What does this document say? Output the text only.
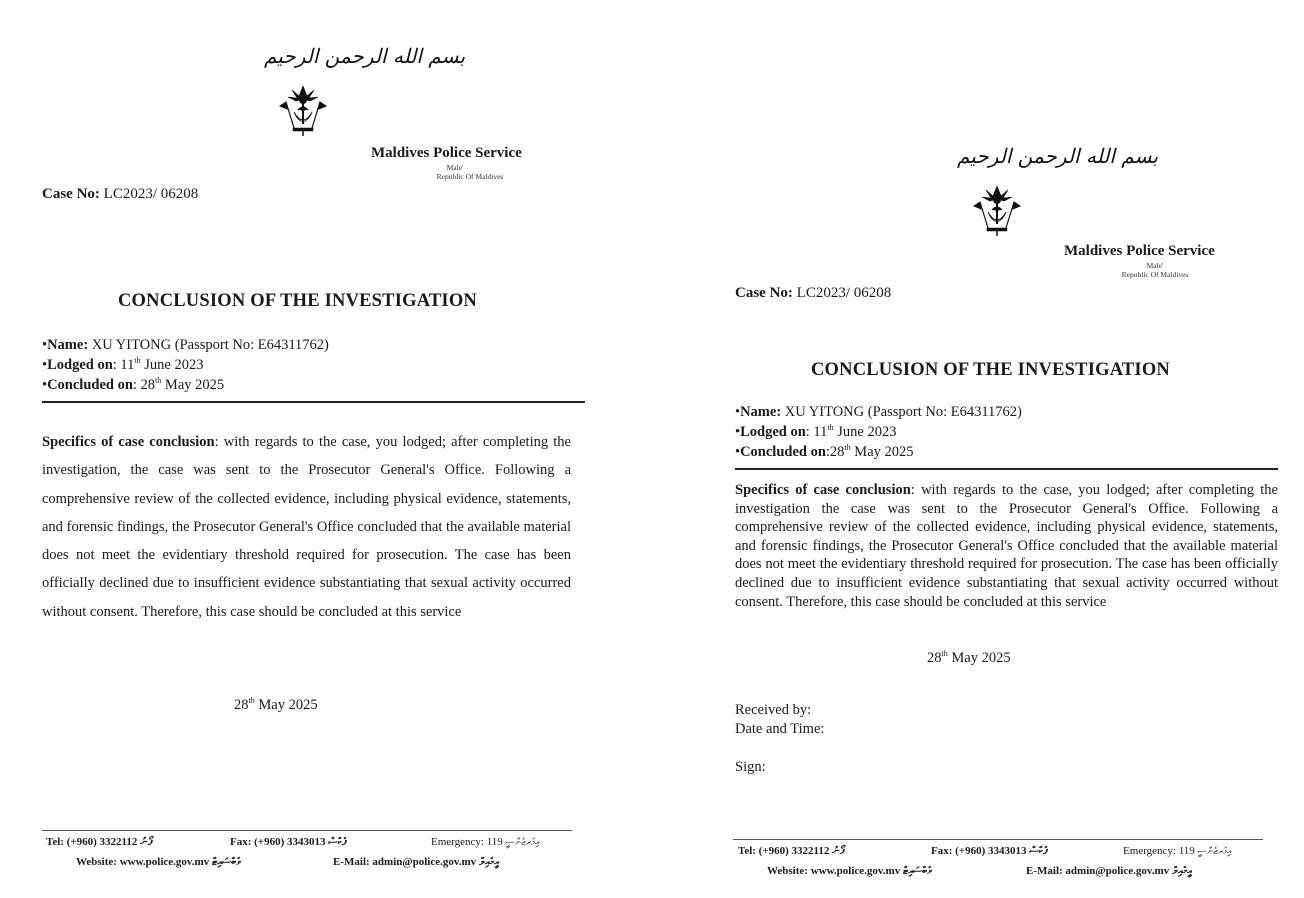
بسم الله الرحمن الرحيم
Maldives Police Service
Male'
Republic Of Maldives
Case No: LC2023/ 06208
CONCLUSION OF THE INVESTIGATION
•Name: XU YITONG (Passport No: E64311762)
•Lodged on: 11th June 2023
•Concluded on: 28th May 2025

Specifics of case conclusion: with regards to the case, you lodged; after completing the investigation, the case was sent to the Prosecutor General's Office. Following a comprehensive review of the collected evidence, including physical evidence, statements, and forensic findings, the Prosecutor General's Office concluded that the available material does not meet the evidentiary threshold required for prosecution. The case has been officially declined due to insufficient evidence substantiating that sexual activity occurred without consent. Therefore, this case should be concluded at this service

28th May 2025
Tel: (+960) 3322112 ފޯނު	Fax: (+960) 3343013 ފެކްސް	Emergency: 119 އިމަރޖެންސީ
Website: www.police.gov.mv ވެބްސައިޓް	E-Mail: admin@police.gov.mv އީމެއިލް
بسم الله الرحمن الرحيم
Maldives Police Service
Male'
Republic Of Maldives
Case No: LC2023/ 06208
CONCLUSION OF THE INVESTIGATION
•Name: XU YITONG (Passport No: E64311762)
•Lodged on: 11th June 2023
•Concluded on:28th May 2025

Specifics of case conclusion: with regards to the case, you lodged; after completing the investigation the case was sent to the Prosecutor General's Office. Following a comprehensive review of the collected evidence, including physical evidence, statements, and forensic findings, the Prosecutor General's Office concluded that the available material does not meet the evidentiary threshold required for prosecution. The case has been officially declined due to insufficient evidence substantiating that sexual activity occurred without consent. Therefore, this case should be concluded at this service

28th May 2025
Received by:
Date and Time:
Sign:
Tel: (+960) 3322112 ފޯނު	Fax: (+960) 3343013 ފެކްސް	Emergency: 119 އިމަރޖެންސީ
Website: www.police.gov.mv ވެބްސައިޓް	E-Mail: admin@police.gov.mv އީމެއިލް
